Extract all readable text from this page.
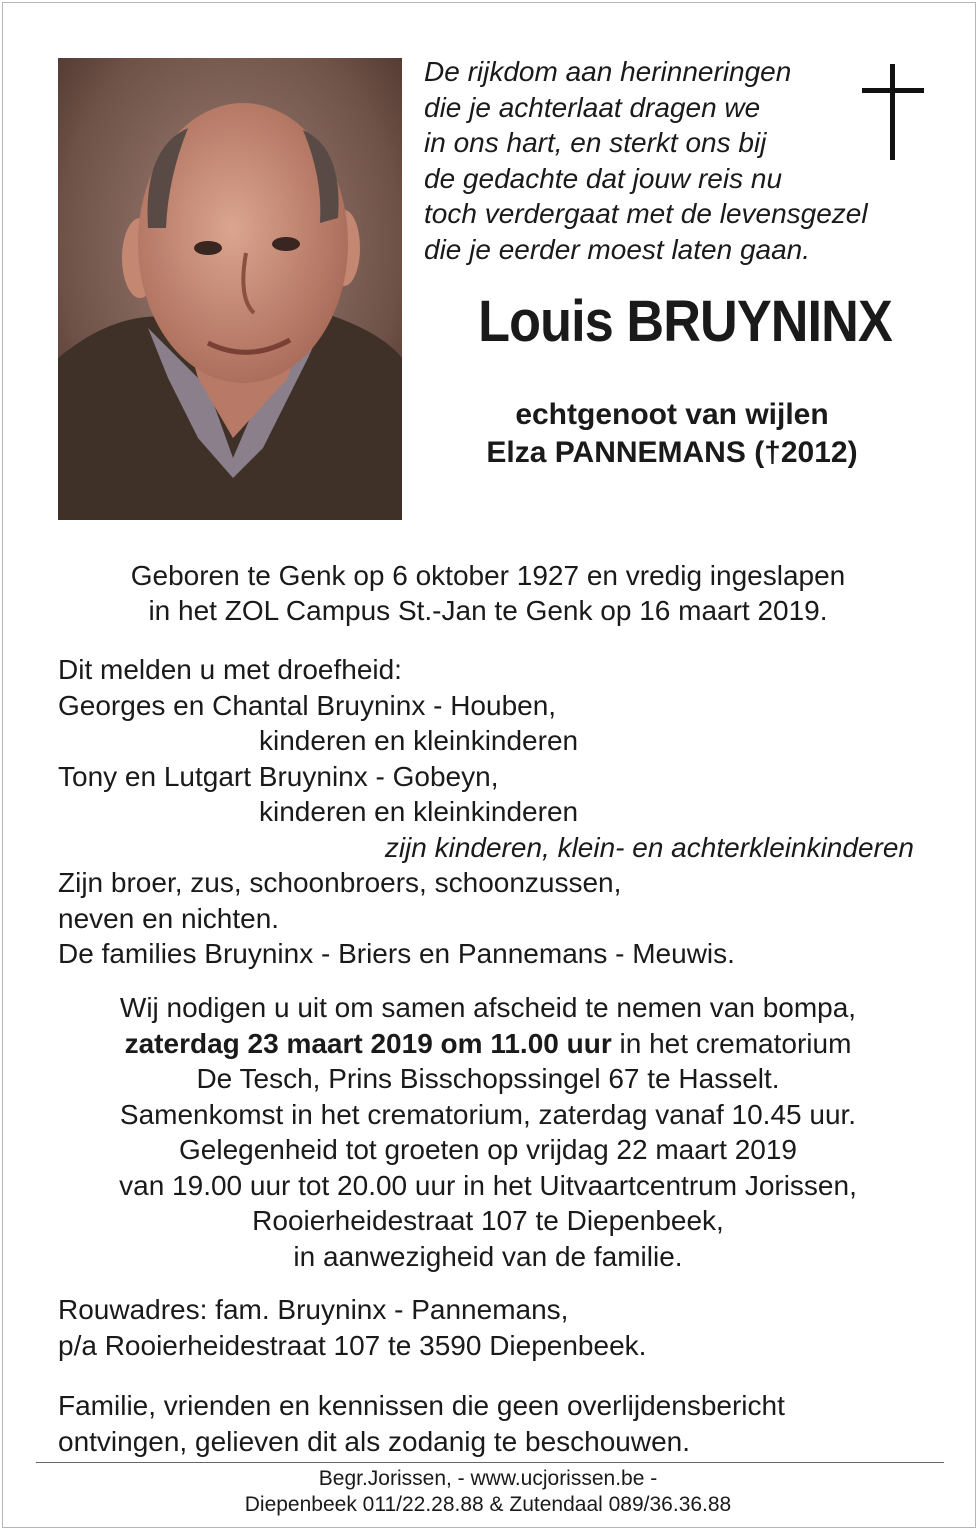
De rijkdom aan herinneringen
die je achterlaat dragen we
in ons hart, en sterkt ons bij
de gedachte dat jouw reis nu
toch verdergaat met de levensgezel
die je eerder moest laten gaan.
Louis BRUYNINX
echtgenoot van wijlen
Elza PANNEMANS (†2012)
Geboren te Genk op 6 oktober 1927 en vredig ingeslapen
in het ZOL Campus St.-Jan te Genk op 16 maart 2019.
Dit melden u met droefheid:
Georges en Chantal Bruyninx - Houben,
kinderen en kleinkinderen
Tony en Lutgart Bruyninx - Gobeyn,
kinderen en kleinkinderen
zijn kinderen, klein- en achterkleinkinderen
Zijn broer, zus, schoonbroers, schoonzussen,
neven en nichten.
De families Bruyninx - Briers en Pannemans - Meuwis.
Wij nodigen u uit om samen afscheid te nemen van bompa,
zaterdag 23 maart 2019 om 11.00 uur in het crematorium
De Tesch, Prins Bisschopssingel 67 te Hasselt.
Samenkomst in het crematorium, zaterdag vanaf 10.45 uur.
Gelegenheid tot groeten op vrijdag 22 maart 2019
van 19.00 uur tot 20.00 uur in het Uitvaartcentrum Jorissen,
Rooierheidestraat 107 te Diepenbeek,
in aanwezigheid van de familie.
Rouwadres: fam. Bruyninx - Pannemans,
p/a Rooierheidestraat 107 te 3590 Diepenbeek.
Familie, vrienden en kennissen die geen overlijdensbericht
ontvingen, gelieven dit als zodanig te beschouwen.
Begr.Jorissen, - www.ucjorissen.be -
Diepenbeek 011/22.28.88 & Zutendaal 089/36.36.88
